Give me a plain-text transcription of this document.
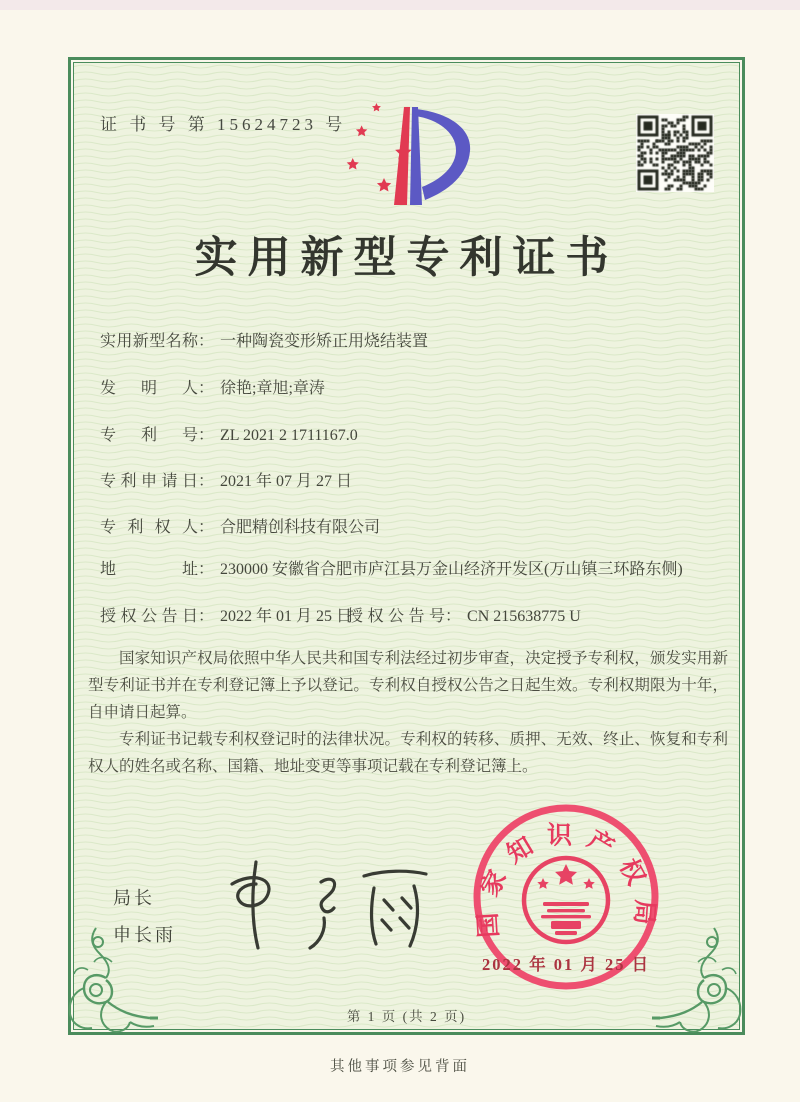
证 书 号 第 15624723 号
实用新型专利证书
实用新型名称： 一种陶瓷变形矫正用烧结装置
发明人： 徐艳;章旭;章涛
专利号： ZL 2021 2 1711167.0
专利申请日： 2021 年 07 月 27 日
专利权人： 合肥精创科技有限公司
地址： 230000 安徽省合肥市庐江县万金山经济开发区(万山镇三环路东侧)
授权公告日： 2022 年 01 月 25 日
授权公告号： CN 215638775 U

国家知识产权局依照中华人民共和国专利法经过初步审查，决定授予专利权，颁发实用新型专利证书并在专利登记簿上予以登记。专利权自授权公告之日起生效。专利权期限为十年，自申请日起算。

专利证书记载专利权登记时的法律状况。专利权的转移、质押、无效、终止、恢复和专利权人的姓名或名称、国籍、地址变更等事项记载在专利登记簿上。

局长
申长雨	国家知识产权局
2022 年 01 月 25 日
第 1 页 (共 2 页)
其他事项参见背面
